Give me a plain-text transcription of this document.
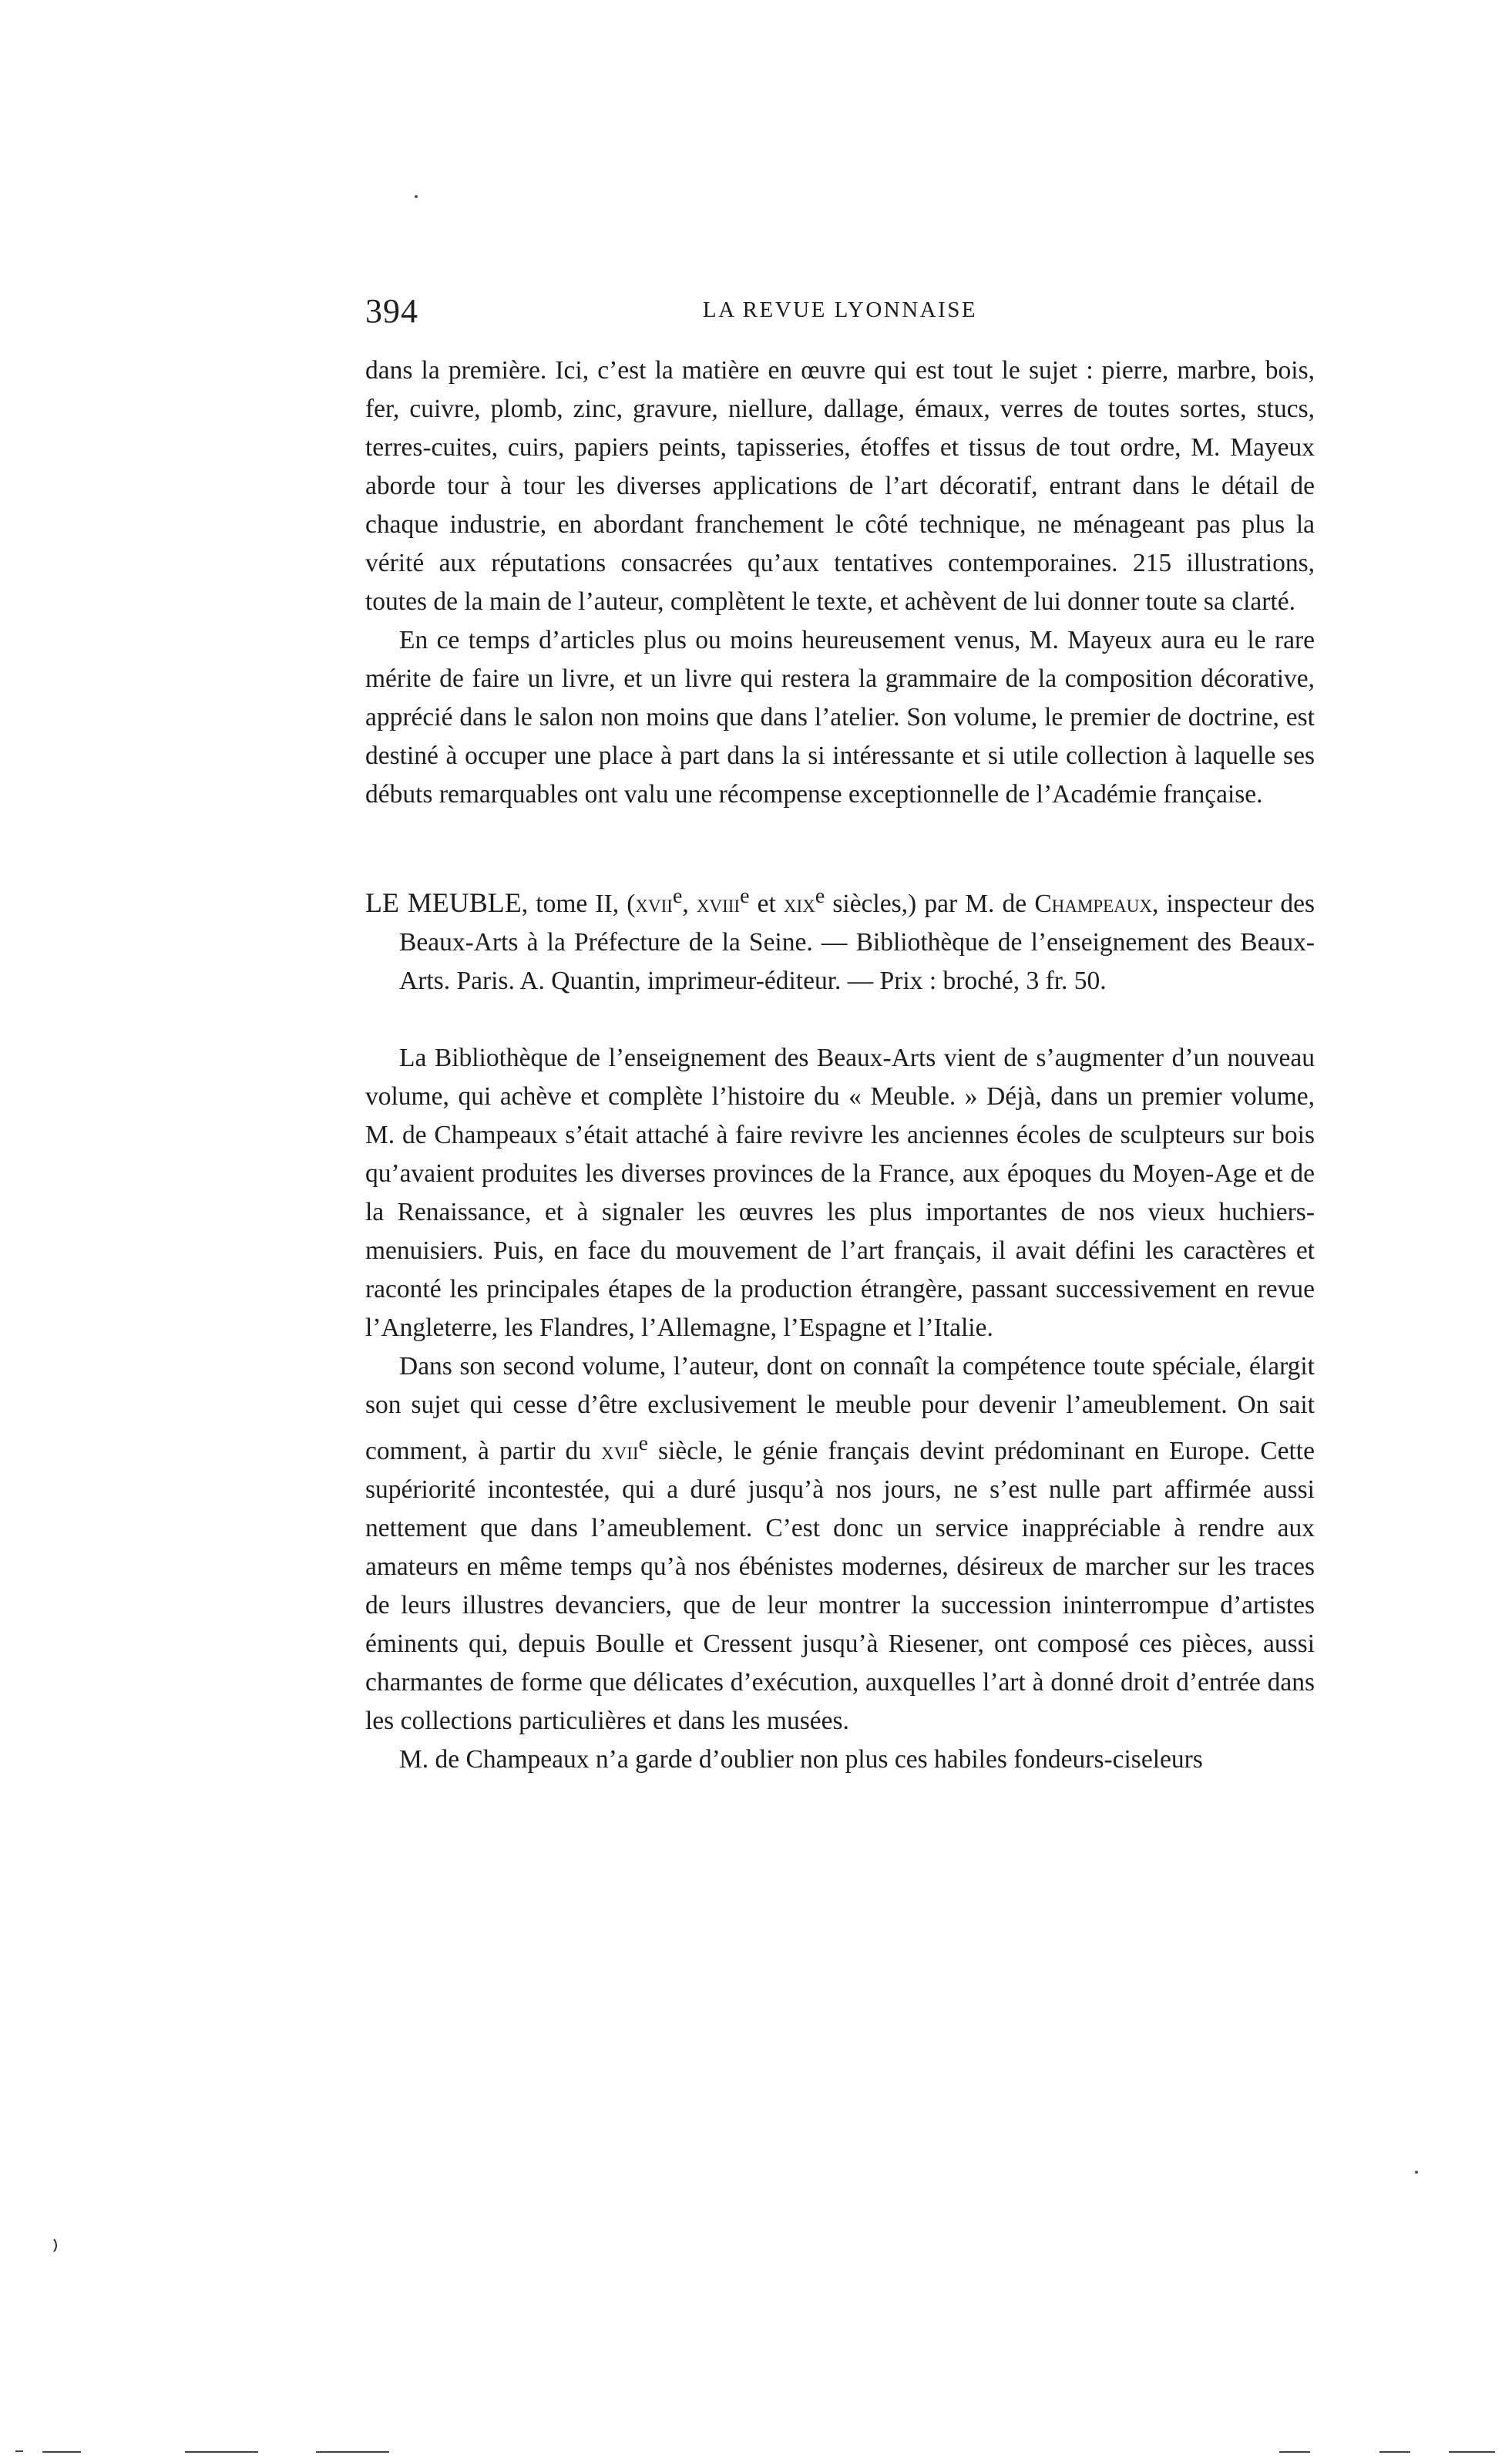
394	LA REVUE LYONNAISE

dans la première. Ici, c’est la matière en œuvre qui est tout le sujet : pierre, marbre, bois, fer, cuivre, plomb, zinc, gravure, niellure, dallage, émaux, verres de toutes sortes, stucs, terres-cuites, cuirs, papiers peints, tapisseries, étoffes et tissus de tout ordre, M. Mayeux aborde tour à tour les diverses applications de l’art décoratif, entrant dans le détail de chaque industrie, en abordant franchement le côté technique, ne ménageant pas plus la vérité aux réputations consacrées qu’aux tentatives contemporaines. 215 illustrations, toutes de la main de l’auteur, complètent le texte, et achèvent de lui donner toute sa clarté.

En ce temps d’articles plus ou moins heureusement venus, M. Mayeux aura eu le rare mérite de faire un livre, et un livre qui restera la grammaire de la composition décorative, apprécié dans le salon non moins que dans l’atelier. Son volume, le premier de doctrine, est destiné à occuper une place à part dans la si intéressante et si utile collection à laquelle ses débuts remarquables ont valu une récompense exceptionnelle de l’Académie française.

LE MEUBLE, tome II, (xvii$^e$, xviii$^e$ et xix$^e$ siècles,) par M. de Champeaux, inspecteur des Beaux-Arts à la Préfecture de la Seine. — Bibliothèque de l’enseignement des Beaux-Arts. Paris. A. Quantin, imprimeur-éditeur. — Prix : broché, 3 fr. 50.

La Bibliothèque de l’enseignement des Beaux-Arts vient de s’augmenter d’un nouveau volume, qui achève et complète l’histoire du « Meuble. » Déjà, dans un premier volume, M. de Champeaux s’était attaché à faire revivre les anciennes écoles de sculpteurs sur bois qu’avaient produites les diverses provinces de la France, aux époques du Moyen-Age et de la Renaissance, et à signaler les œuvres les plus importantes de nos vieux huchiers-menuisiers. Puis, en face du mouvement de l’art français, il avait défini les caractères et raconté les principales étapes de la production étrangère, passant successivement en revue l’Angleterre, les Flandres, l’Allemagne, l’Espagne et l’Italie.

Dans son second volume, l’auteur, dont on connaît la compétence toute spéciale, élargit son sujet qui cesse d’être exclusivement le meuble pour devenir l’ameublement. On sait comment, à partir du xvii$^e$ siècle, le génie français devint prédominant en Europe. Cette supériorité incontestée, qui a duré jusqu’à nos jours, ne s’est nulle part affirmée aussi nettement que dans l’ameublement. C’est donc un service inappréciable à rendre aux amateurs en même temps qu’à nos ébénistes modernes, désireux de marcher sur les traces de leurs illustres devanciers, que de leur montrer la succession ininterrompue d’artistes éminents qui, depuis Boulle et Cressent jusqu’à Riesener, ont composé ces pièces, aussi charmantes de forme que délicates d’exécution, auxquelles l’art à donné droit d’entrée dans les collections particulières et dans les musées.

M. de Champeaux n’a garde d’oublier non plus ces habiles fondeurs-ciseleurs
